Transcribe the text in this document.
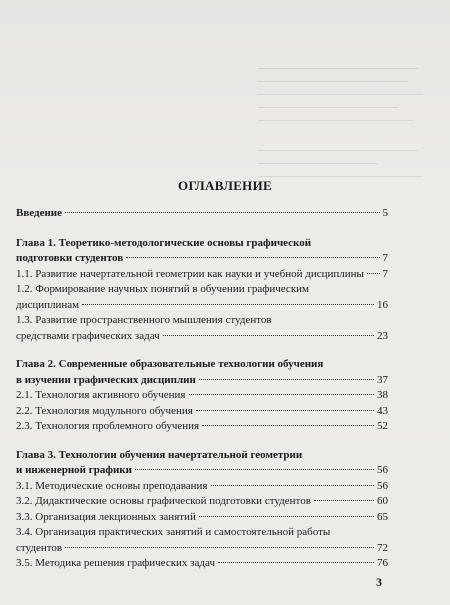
ОГЛАВЛЕНИЕ
Введение	5
Глава 1. Теоретико-методологические основы графической
подготовки студентов	7
1.1. Развитие начертательной геометрии как науки и учебной дисциплины 7
1.2. Формирование научных понятий в обучении графическим
дисциплинам	16
1.3. Развитие пространственного мышления студентов
средствами графических задач	23
Глава 2. Современные образовательные технологии обучения
в изучении графических дисциплин	37
2.1. Технология активного обучения	38
2.2. Технология модульного обучения	43
2.3. Технология проблемного обучения	52
Глава 3. Технологии обучения начертательной геометрии
и инженерной графики	56
3.1. Методические основы преподавания	56
3.2. Дидактические основы графической подготовки студентов	60
3.3. Организация лекционных занятий	65
3.4. Организация практических занятий и самостоятельной работы
студентов	72
3.5. Методика решения графических задач	76
3
